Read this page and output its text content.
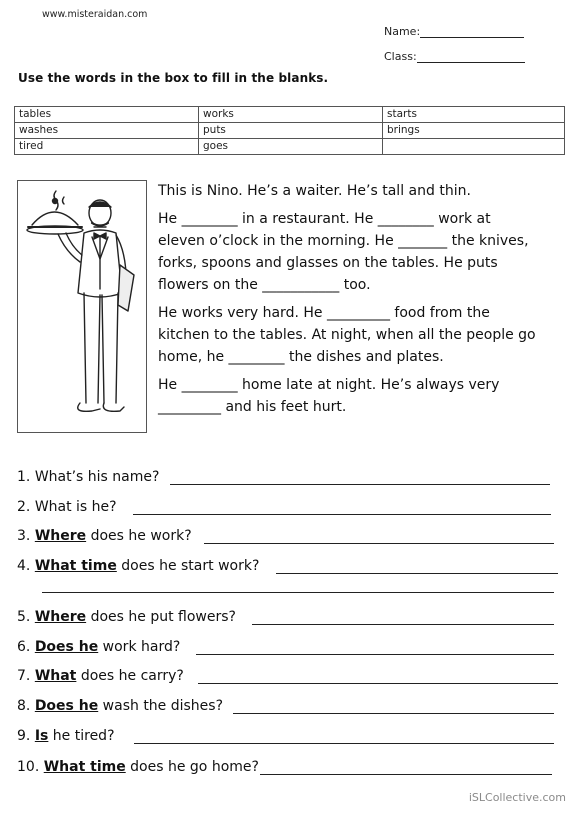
www.misteraidan.com
Name:
Class:
Use the words in the box to fill in the blanks.
tables	works	starts
washes	puts	brings
tired	goes	

This is Nino. He’s a waiter. He’s tall and thin.

He ________ in a restaurant. He ________ work at
eleven o’clock in the morning. He _______ the knives,
forks, spoons and glasses on the tables. He puts
flowers on the ___________ too.

He works very hard. He _________ food from the
kitchen to the tables. At night, when all the people go
home, he ________ the dishes and plates.

He ________ home late at night. He’s always very
_________ and his feet hurt.

1. What’s his name?
2. What is he?
3. Where does he work?
4. What time does he start work?
5. Where does he put flowers?
6. Does he work hard?
7. What does he carry?
8. Does he wash the dishes?
9. Is he tired?
10. What time does he go home?
iSLCollective.com
